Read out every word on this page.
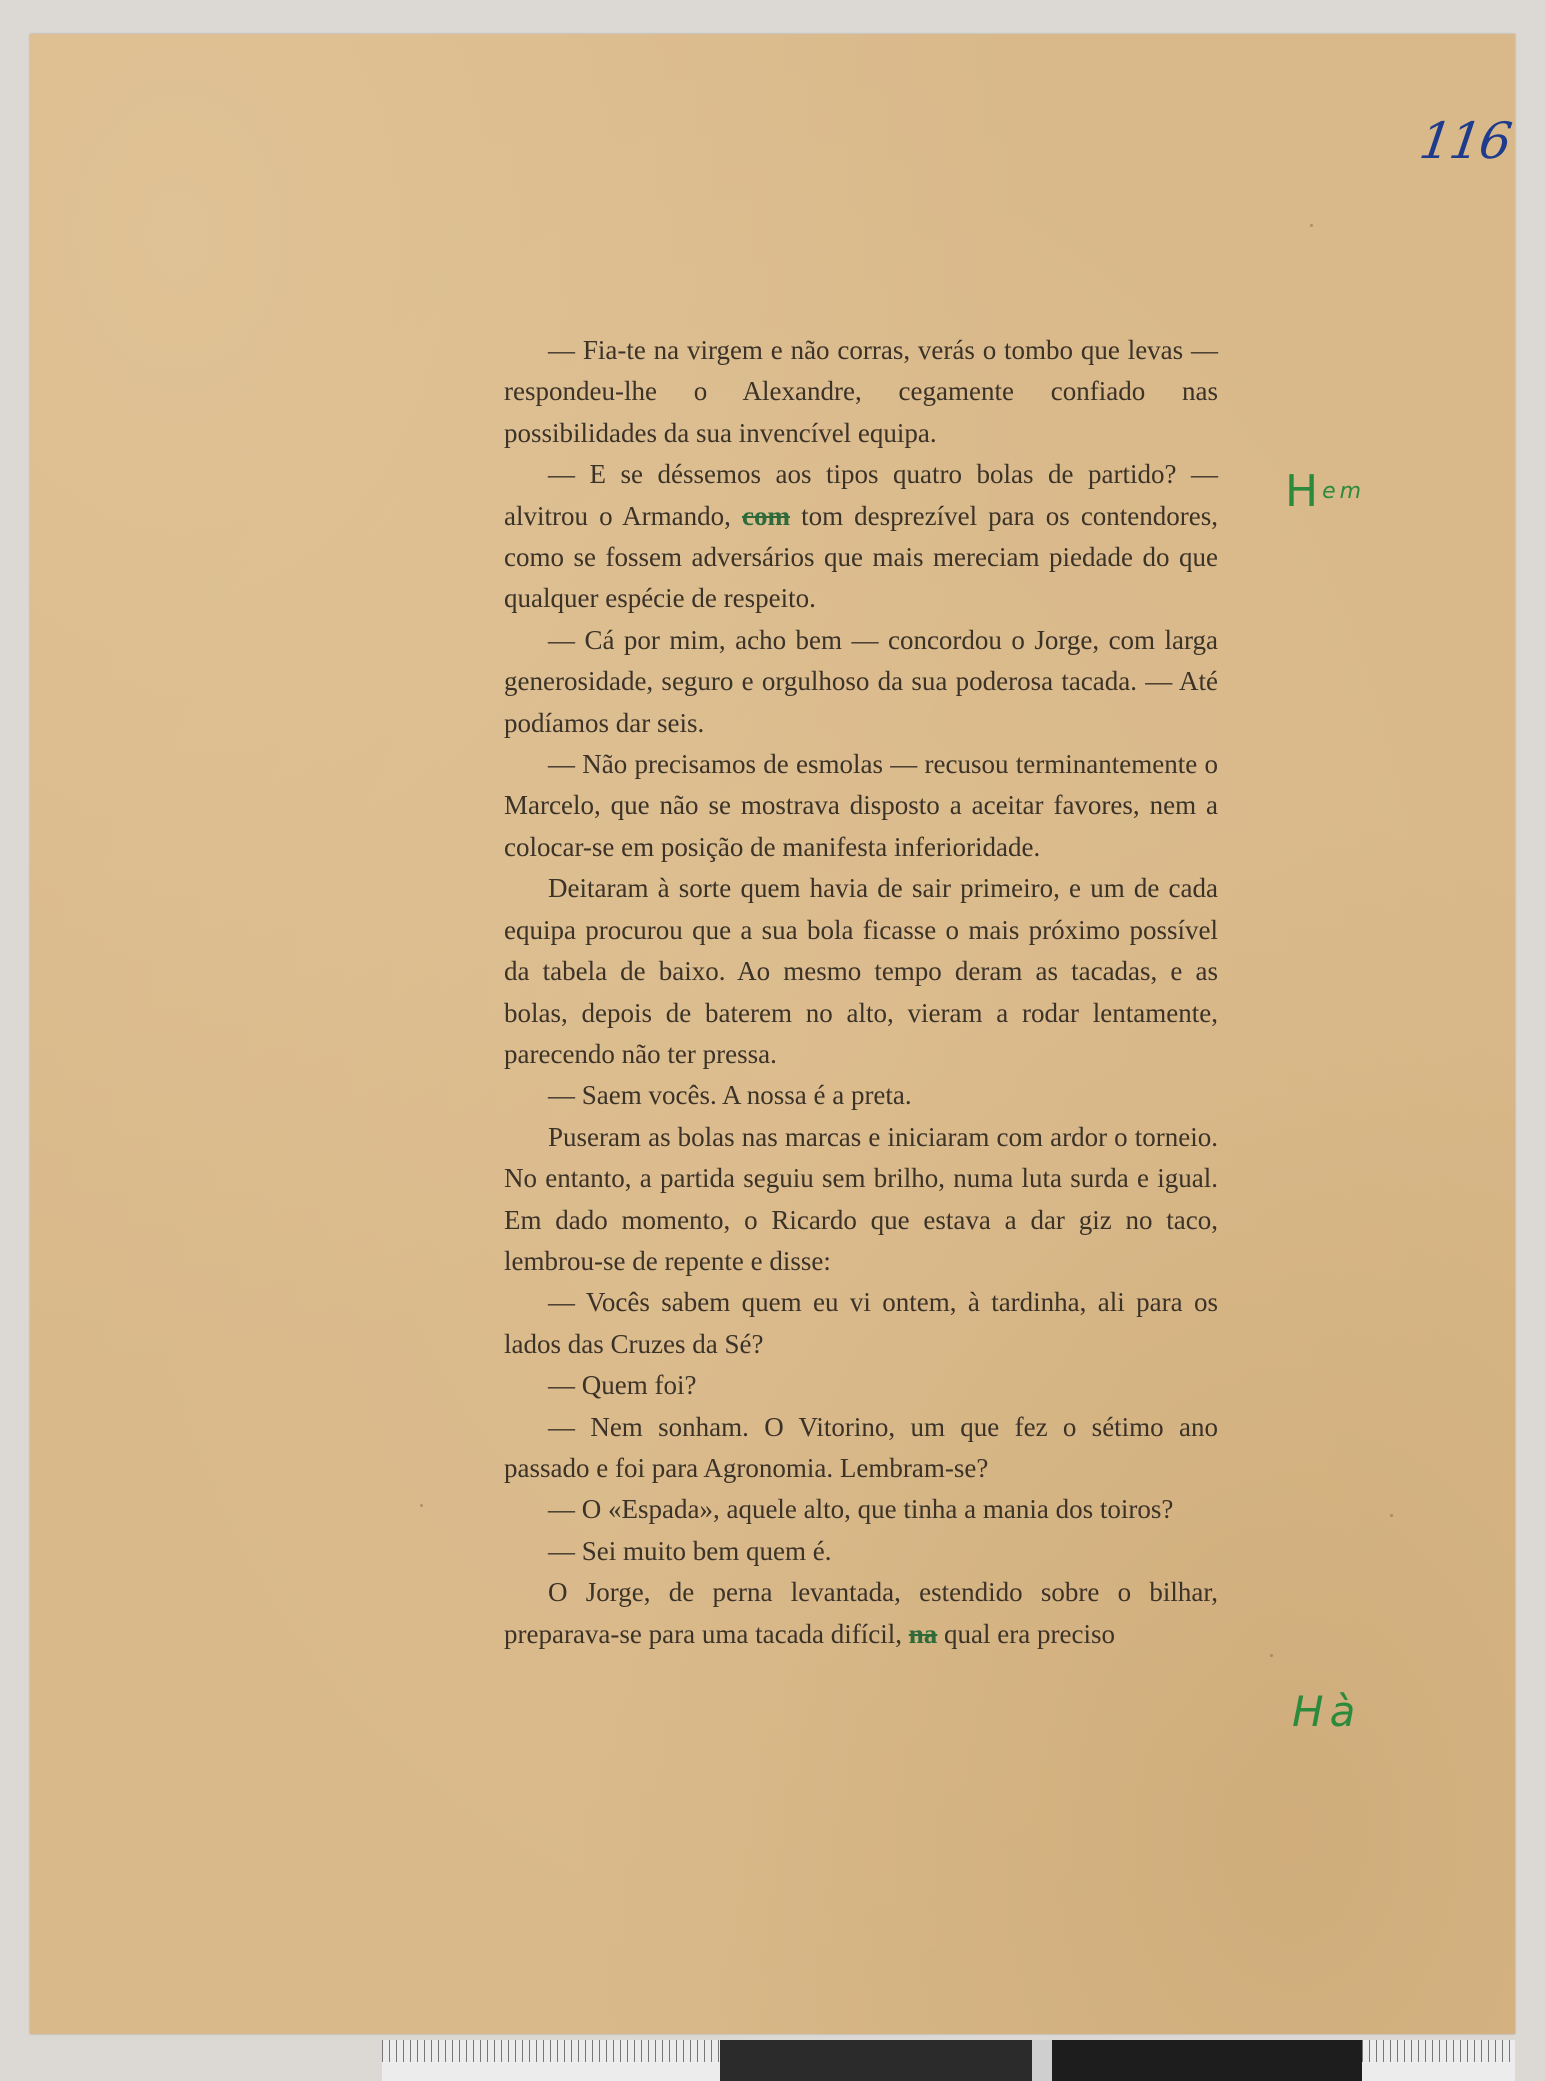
116

— Fia-te na virgem e não corras, verás o tombo que levas — respondeu-lhe o Alexandre, cegamente confiado nas possibilidades da sua invencível equipa.

— E se déssemos aos tipos quatro bolas de partido? — alvitrou o Armando, com tom desprezível para os contendores, como se fossem adversários que mais mereciam piedade do que qualquer espécie de respeito.

— Cá por mim, acho bem — concordou o Jorge, com larga generosidade, seguro e orgulhoso da sua poderosa tacada. — Até podíamos dar seis.

— Não precisamos de esmolas — recusou terminantemente o Marcelo, que não se mostrava disposto a aceitar favores, nem a colocar-se em posição de manifesta inferioridade.

Deitaram à sorte quem havia de sair primeiro, e um de cada equipa procurou que a sua bola ficasse o mais próximo possível da tabela de baixo. Ao mesmo tempo deram as tacadas, e as bolas, depois de baterem no alto, vieram a rodar lentamente, parecendo não ter pressa.

— Saem vocês. A nossa é a preta.

Puseram as bolas nas marcas e iniciaram com ardor o torneio. No entanto, a partida seguiu sem brilho, numa luta surda e igual. Em dado momento, o Ricardo que estava a dar giz no taco, lembrou-se de repente e disse:

— Vocês sabem quem eu vi ontem, à tardinha, ali para os lados das Cruzes da Sé?

— Quem foi?

— Nem sonham. O Vitorino, um que fez o sétimo ano passado e foi para Agronomia. Lembram-se?

— O «Espada», aquele alto, que tinha a mania dos toiros?

— Sei muito bem quem é.

O Jorge, de perna levantada, estendido sobre o bilhar, preparava-se para uma tacada difícil, na qual era preciso

Hem
Hà
